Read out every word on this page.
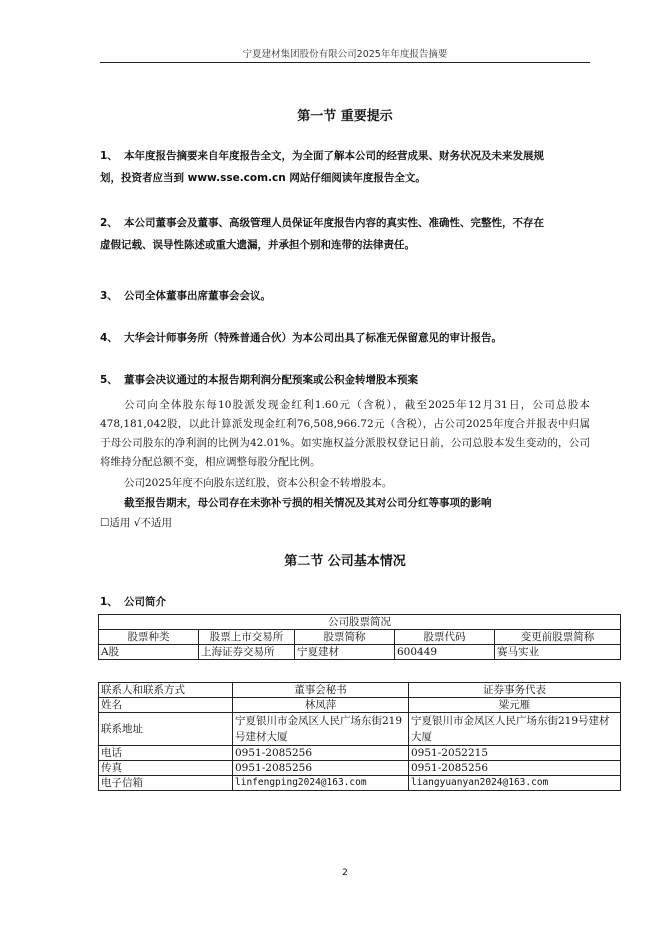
宁夏建材集团股份有限公司2025年年度报告摘要
第一节 重要提示
1、 本年度报告摘要来自年度报告全文，为全面了解本公司的经营成果、财务状况及未来发展规
划，投资者应当到 www.sse.com.cn 网站仔细阅读年度报告全文。
2、 本公司董事会及董事、高级管理人员保证年度报告内容的真实性、准确性、完整性，不存在
虚假记载、误导性陈述或重大遗漏，并承担个别和连带的法律责任。
3、 公司全体董事出席董事会会议。
4、 大华会计师事务所（特殊普通合伙）为本公司出具了标准无保留意见的审计报告。
5、 董事会决议通过的本报告期利润分配预案或公积金转增股本预案
公司向全体股东每10股派发现金红利1.60元（含税），截至2025年12月31日，公司总股本478,181,042股，以此计算派发现金红利76,508,966.72元（含税），占公司2025年度合并报表中归属于母公司股东的净利润的比例为42.01%。如实施权益分派股权登记日前，公司总股本发生变动的，公司将维持分配总额不变，相应调整每股分配比例。
公司2025年度不向股东送红股，资本公积金不转增股本。
截至报告期末，母公司存在未弥补亏损的相关情况及其对公司分红等事项的影响
☐适用 √不适用
第二节 公司基本情况
1、 公司简介
公司股票简况				
股票种类	股票上市交易所	股票简称	股票代码	变更前股票简称
A股	上海证券交易所	宁夏建材	600449	赛马实业
联系人和联系方式	董事会秘书	证券事务代表
姓名	林凤萍	梁元雁
联系地址	宁夏银川市金凤区人民广场东街219号建材大厦	宁夏银川市金凤区人民广场东街219号建材大厦
电话	0951-2085256	0951-2052215
传真	0951-2085256	0951-2085256
电子信箱	linfengping2024@163.com	liangyuanyan2024@163.com
2
